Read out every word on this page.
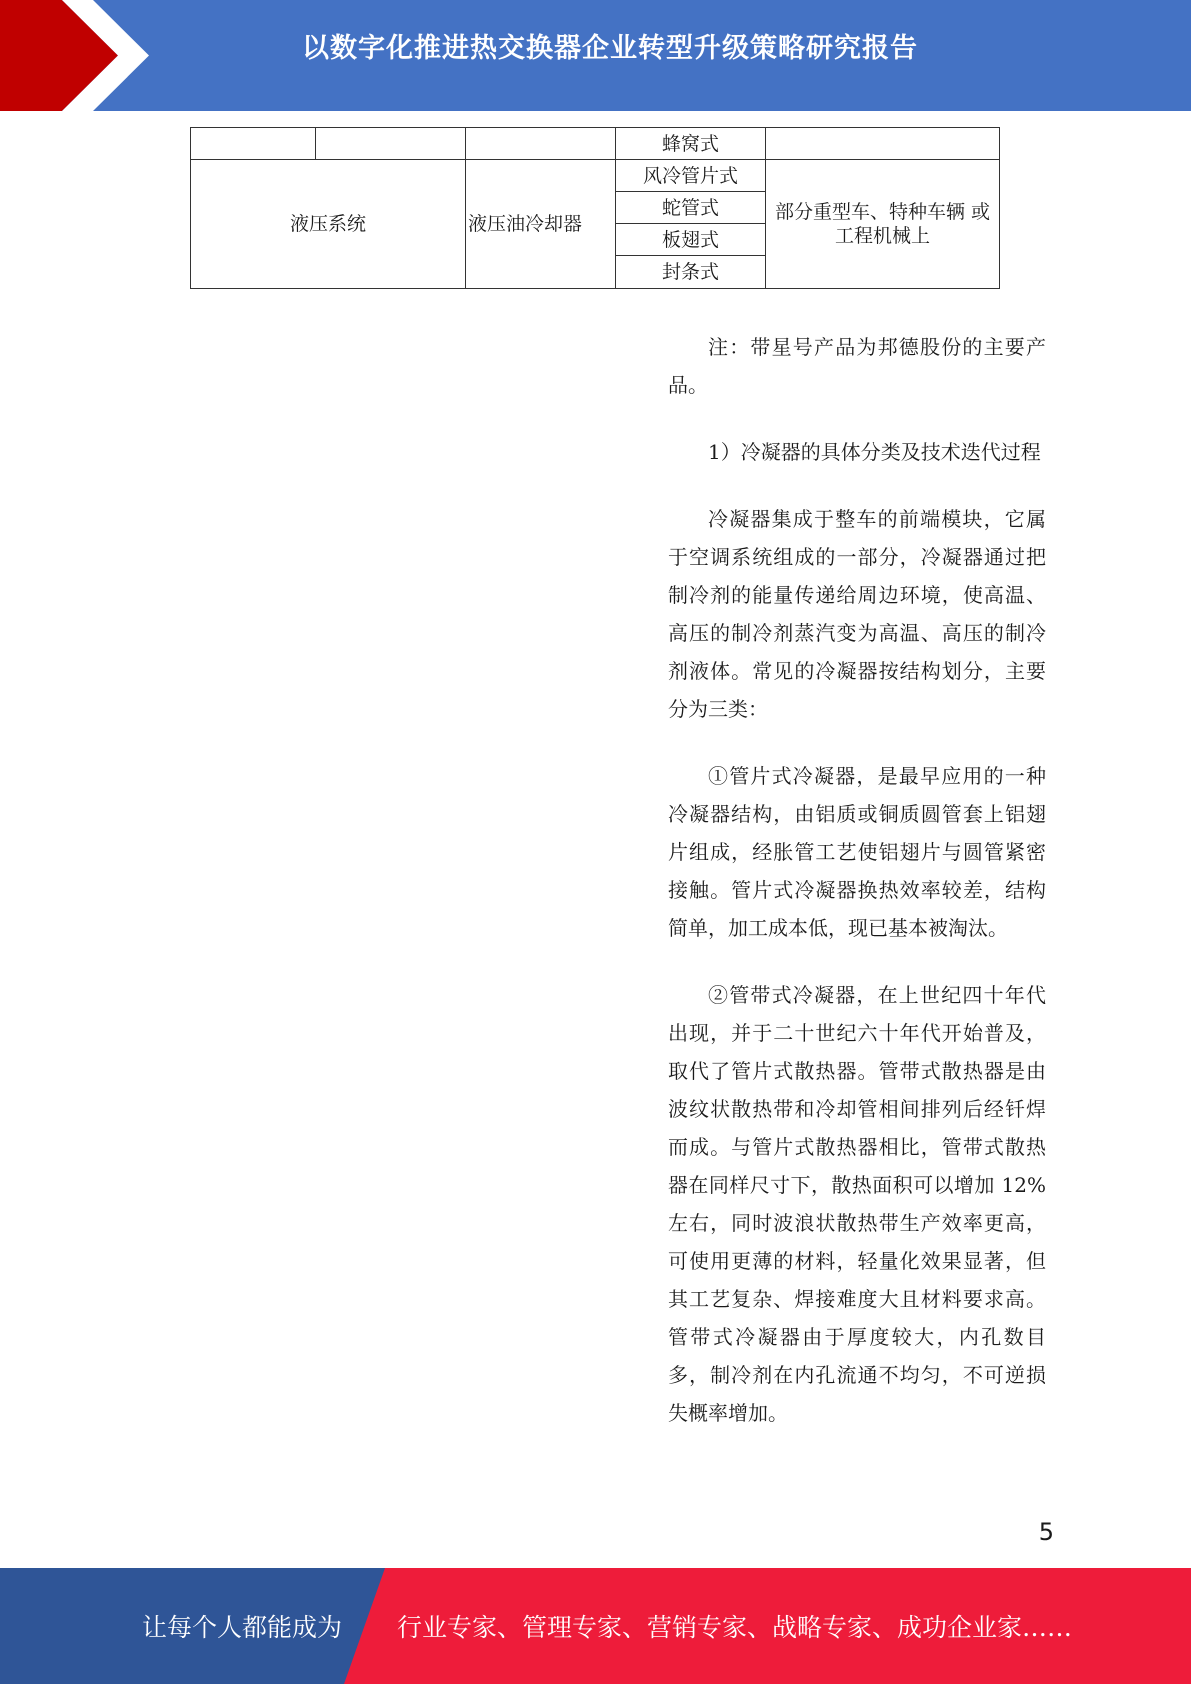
以数字化推进热交换器企业转型升级策略研究报告
			蜂窝式	
液压系统		液压油冷却器	风冷管片式	部分重型车、特种车辆 或工程机械上
			蛇管式	
			板翅式	
			封条式	

注：带星号产品为邦德股份的主要产品。

1）冷凝器的具体分类及技术迭代过程

冷凝器集成于整车的前端模块，它属于空调系统组成的一部分，冷凝器通过把制冷剂的能量传递给周边环境，使高温、高压的制冷剂蒸汽变为高温、高压的制冷剂液体。常见的冷凝器按结构划分，主要分为三类：

①管片式冷凝器，是最早应用的一种冷凝器结构，由铝质或铜质圆管套上铝翅片组成，经胀管工艺使铝翅片与圆管紧密接触。管片式冷凝器换热效率较差，结构简单，加工成本低，现已基本被淘汰。

②管带式冷凝器，在上世纪四十年代出现，并于二十世纪六十年代开始普及，取代了管片式散热器。管带式散热器是由波纹状散热带和冷却管相间排列后经钎焊而成。与管片式散热器相比，管带式散热器在同样尺寸下，散热面积可以增加 12%左右，同时波浪状散热带生产效率更高，可使用更薄的材料，轻量化效果显著，但其工艺复杂、焊接难度大且材料要求高。管带式冷凝器由于厚度较大，内孔数目多，制冷剂在内孔流通不均匀，不可逆损失概率增加。

5
让每个人都能成为 行业专家、管理专家、营销专家、战略专家、成功企业家……
